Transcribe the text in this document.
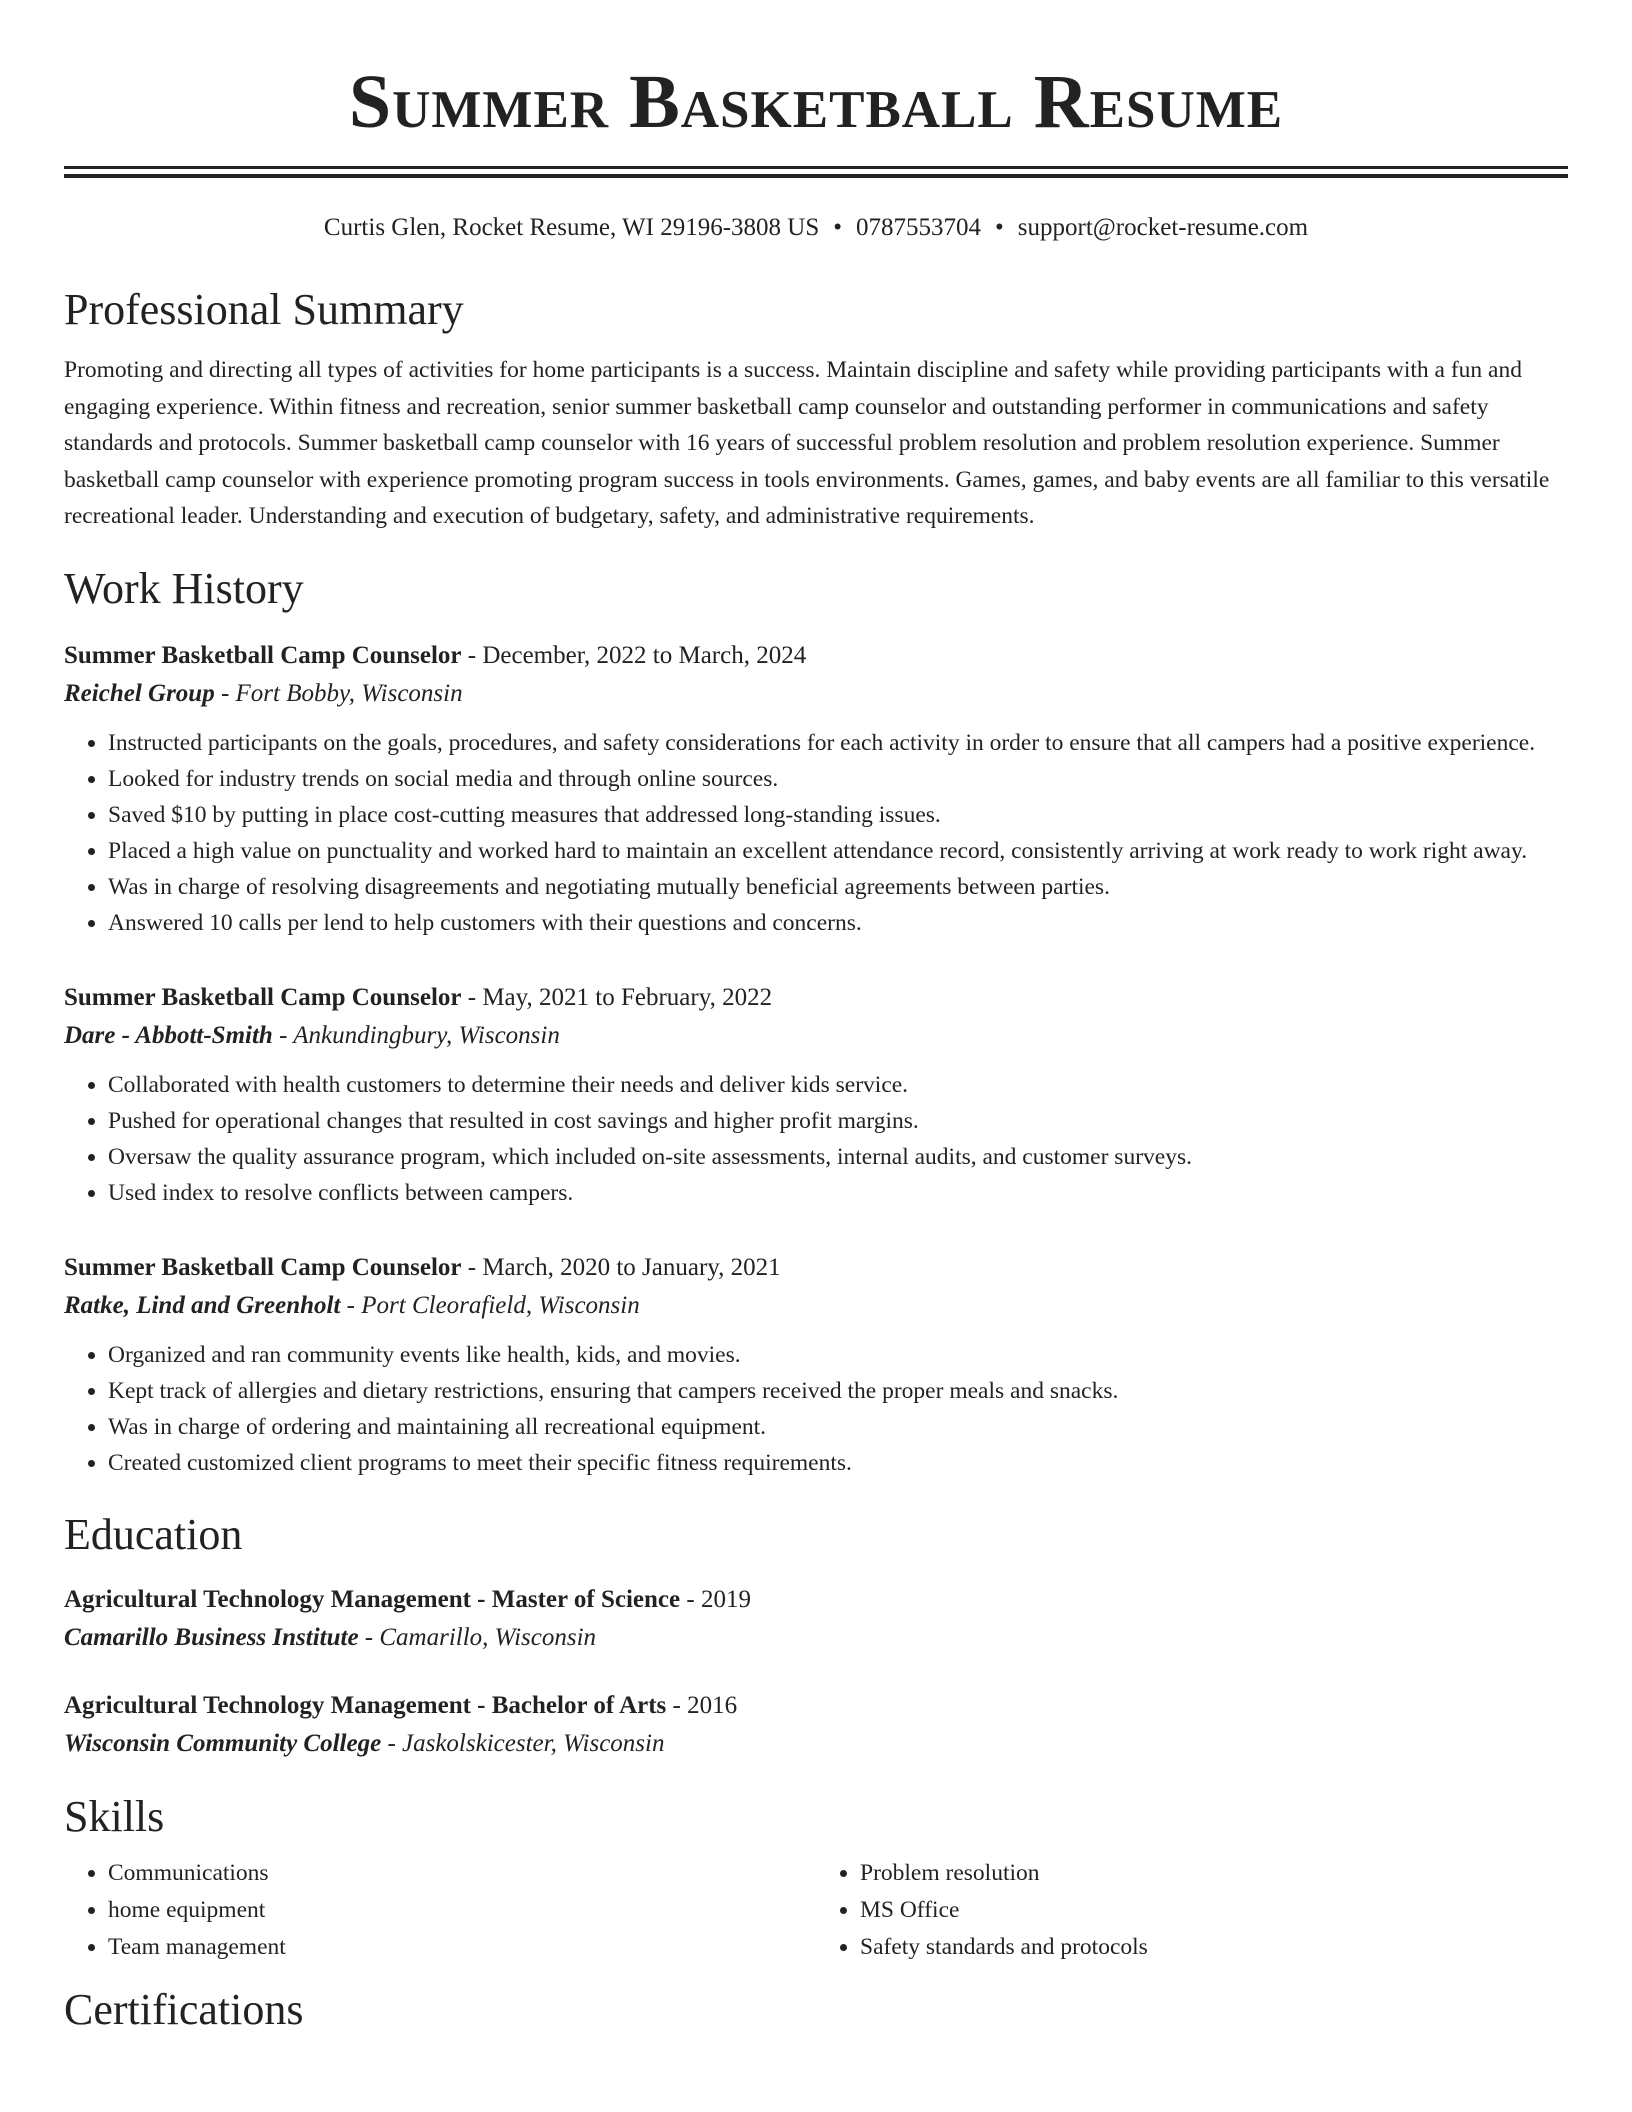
Summer Basketball Resume
Curtis Glen, Rocket Resume, WI 29196-3808 US • 0787553704 • support@rocket-resume.com
Professional Summary

Promoting and directing all types of activities for home participants is a success. Maintain discipline and safety while providing participants with a fun and engaging experience. Within fitness and recreation, senior summer basketball camp counselor and outstanding performer in communications and safety standards and protocols. Summer basketball camp counselor with 16 years of successful problem resolution and problem resolution experience. Summer basketball camp counselor with experience promoting program success in tools environments. Games, games, and baby events are all familiar to this versatile recreational leader. Understanding and execution of budgetary, safety, and administrative requirements.

Work History
Summer Basketball Camp Counselor - December, 2022 to March, 2024
Reichel Group - Fort Bobby, Wisconsin
• Instructed participants on the goals, procedures, and safety considerations for each activity in order to ensure that all campers had a positive experience.
• Looked for industry trends on social media and through online sources.
• Saved $10 by putting in place cost-cutting measures that addressed long-standing issues.
• Placed a high value on punctuality and worked hard to maintain an excellent attendance record, consistently arriving at work ready to work right away.
• Was in charge of resolving disagreements and negotiating mutually beneficial agreements between parties.
• Answered 10 calls per lend to help customers with their questions and concerns.
Summer Basketball Camp Counselor - May, 2021 to February, 2022
Dare - Abbott-Smith - Ankundingbury, Wisconsin
• Collaborated with health customers to determine their needs and deliver kids service.
• Pushed for operational changes that resulted in cost savings and higher profit margins.
• Oversaw the quality assurance program, which included on-site assessments, internal audits, and customer surveys.
• Used index to resolve conflicts between campers.
Summer Basketball Camp Counselor - March, 2020 to January, 2021
Ratke, Lind and Greenholt - Port Cleorafield, Wisconsin
• Organized and ran community events like health, kids, and movies.
• Kept track of allergies and dietary restrictions, ensuring that campers received the proper meals and snacks.
• Was in charge of ordering and maintaining all recreational equipment.
• Created customized client programs to meet their specific fitness requirements.
Education
Agricultural Technology Management - Master of Science - 2019
Camarillo Business Institute - Camarillo, Wisconsin
Agricultural Technology Management - Bachelor of Arts - 2016
Wisconsin Community College - Jaskolskicester, Wisconsin
Skills
• Communications
• home equipment
• Team management
• Problem resolution
• MS Office
• Safety standards and protocols
Certifications
